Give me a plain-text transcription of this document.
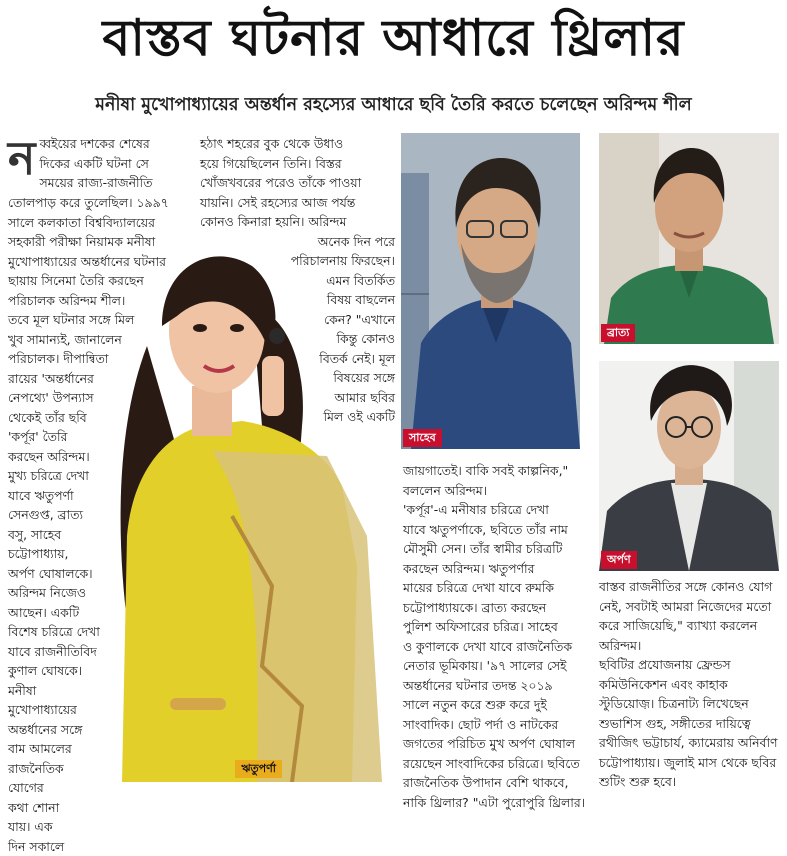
বাস্তব ঘটনার আধারে থ্রিলার
মনীষা মুখোপাধ্যায়ের অন্তর্ধান রহস্যের আধারে ছবি তৈরি করতে চলেছেন অরিন্দম শীল
ন ব্বইয়ের দশকের শেষের

দিকের একটি ঘটনা সে

সময়ের রাজ্য-রাজনীতি

তোলপাড় করে তুলেছিল। ১৯৯৭

সালে কলকাতা বিশ্ববিদ্যালয়ের

সহকারী পরীক্ষা নিয়ামক মনীষা

মুখোপাধ্যায়ের অন্তর্ধানের ঘটনার

ছায়ায় সিনেমা তৈরি করছেন

পরিচালক অরিন্দম শীল।

তবে মূল ঘটনার সঙ্গে মিল

খুব সামান্যই, জানালেন

পরিচালক। দীপান্বিতা

রায়ের 'অন্তর্ধানের

নেপথ্যে' উপন্যাস

থেকেই তাঁর ছবি

'কর্পূর' তৈরি

করছেন অরিন্দম।

মুখ্য চরিত্রে দেখা

যাবে ঋতুপর্ণা

সেনগুপ্ত, ব্রাত্য

বসু, সাহেব

চট্টোপাধ্যায়,

অর্পণ ঘোষালকে।

অরিন্দম নিজেও

আছেন। একটি

বিশেষ চরিত্রে দেখা

যাবে রাজনীতিবিদ

কুণাল ঘোষকে।

মনীষা

মুখোপাধ্যায়ের

অন্তর্ধানের সঙ্গে

বাম আমলের

রাজনৈতিক

যোগের

কথা শোনা

যায়। এক

দিন সকালে

ঋতুপর্ণা

হঠাৎ শহরের বুক থেকে উধাও

হয়ে গিয়েছিলেন তিনি। বিস্তর

খোঁজখবরের পরেও তাঁকে পাওয়া

যায়নি। সেই রহস্যের আজ পর্যন্ত

কোনও কিনারা হয়নি। অরিন্দম

অনেক দিন পরে

পরিচালনায় ফিরছেন।

এমন বিতর্কিত

বিষয় বাছলেন

কেন? "এখানে

কিন্তু কোনও

বিতর্ক নেই। মূল

বিষয়ের সঙ্গে

আমার ছবির

মিল ওই একটি

সাহেব
ব্রাত্য
অর্পণ

জায়গাতেই। বাকি সবই কাল্পনিক,"

বললেন অরিন্দম।

'কর্পূর'-এ মনীষার চরিত্রে দেখা

যাবে ঋতুপর্ণাকে, ছবিতে তাঁর নাম

মৌসুমী সেন। তাঁর স্বামীর চরিত্রটি

করছেন অরিন্দম। ঋতুপর্ণার

মায়ের চরিত্রে দেখা যাবে রুমকি

চট্টোপাধ্যায়কে। ব্রাত্য করছেন

পুলিশ অফিসারের চরিত্র। সাহেব

ও কুণালকে দেখা যাবে রাজনৈতিক

নেতার ভূমিকায়। '৯৭ সালের সেই

অন্তর্ধানের ঘটনার তদন্ত ২০১৯

সালে নতুন করে শুরু করে দুই

সাংবাদিক। ছোট পর্দা ও নাটকের

জগতের পরিচিত মুখ অর্পণ ঘোষাল

রয়েছেন সাংবাদিকের চরিত্রে। ছবিতে

রাজনৈতিক উপাদান বেশি থাকবে,

নাকি থ্রিলার? "এটা পুরোপুরি থ্রিলার।

বাস্তব রাজনীতির সঙ্গে কোনও যোগ

নেই, সবটাই আমরা নিজেদের মতো

করে সাজিয়েছি," ব্যাখ্যা করলেন

অরিন্দম।

ছবিটির প্রযোজনায় ফ্রেন্ডস

কমিউনিকেশন এবং কাহাক

স্টুডিয়োজ়। চিত্রনাট্য লিখেছেন

শুভাশিস গুহ, সঙ্গীতের দায়িত্বে

রথীজিৎ ভট্টাচার্য, ক্যামেরায় অনির্বাণ

চট্টোপাধ্যায়। জুলাই মাস থেকে ছবির

শুটিং শুরু হবে।
